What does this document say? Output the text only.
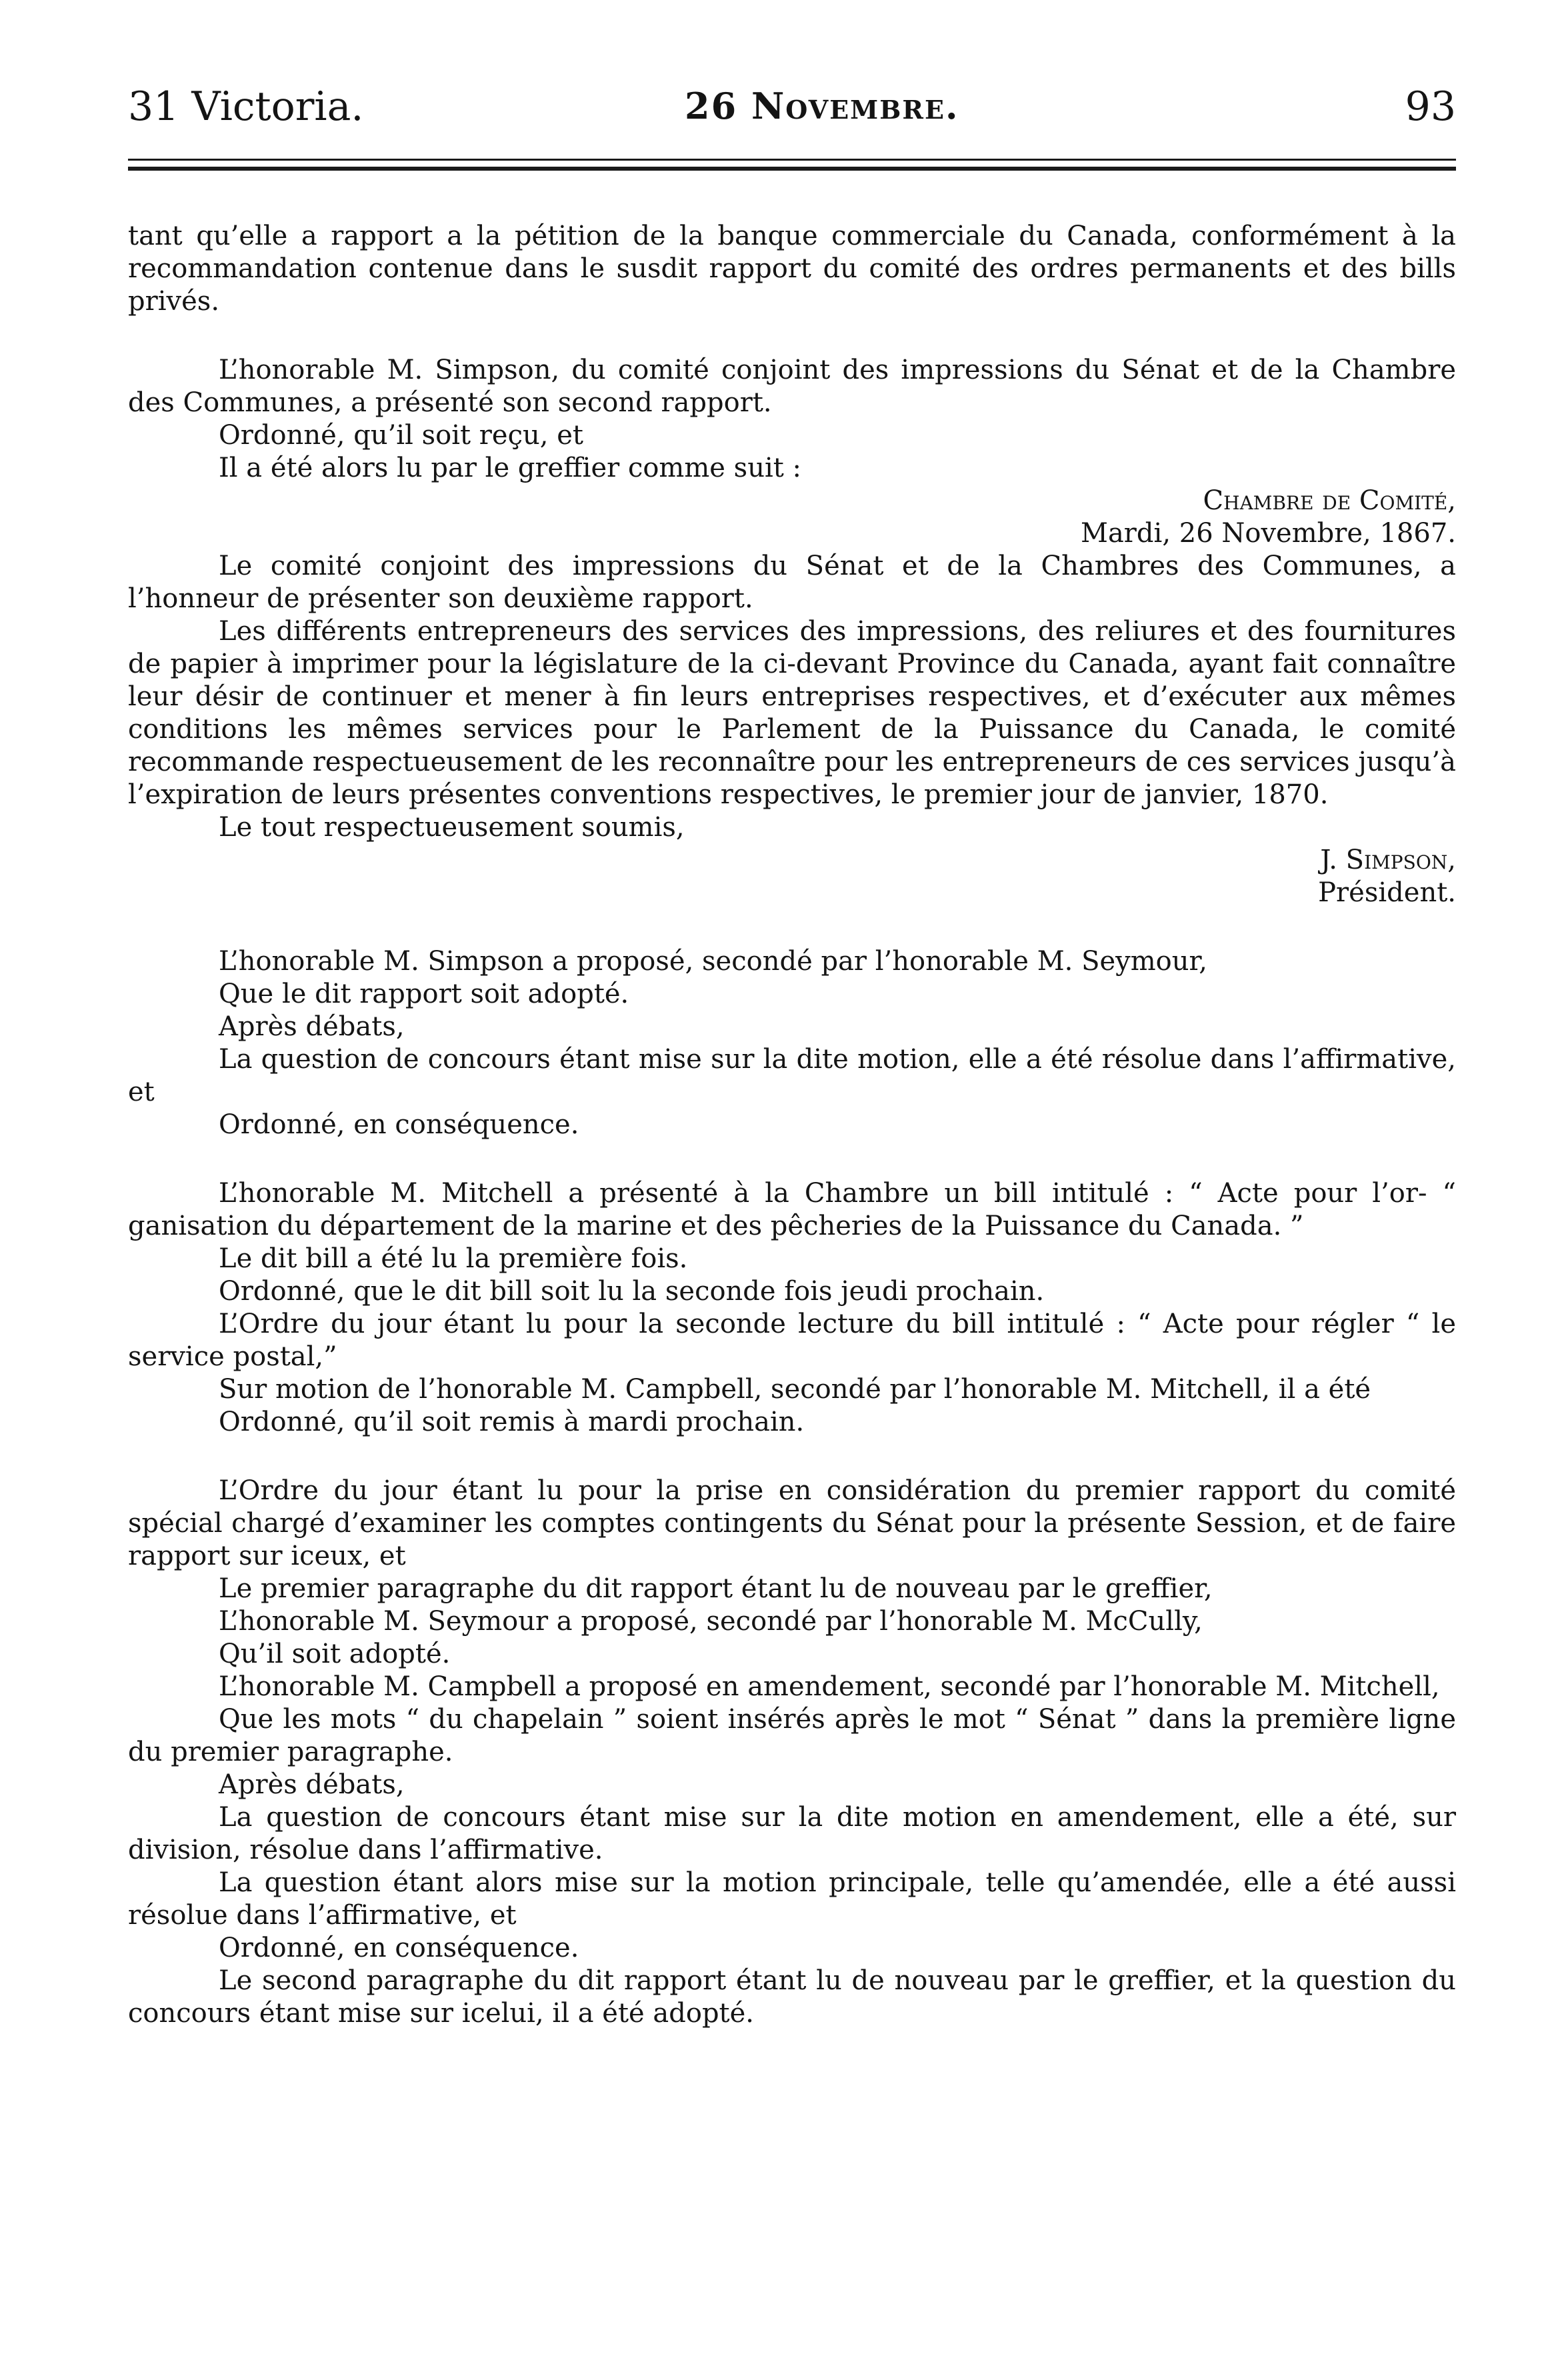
31 Victoria.	26 Novembre.	93

tant qu’elle a rapport a la pétition de la banque commerciale du Canada, conformément à la recommandation contenue dans le susdit rapport du comité des ordres permanents et des bills privés.

L’honorable M. Simpson, du comité conjoint des impressions du Sénat et de la Chambre des Communes, a présenté son second rapport.

Ordonné, qu’il soit reçu, et

Il a été alors lu par le greffier comme suit :

Chambre de Comité,

Mardi, 26 Novembre, 1867.

Le comité conjoint des impressions du Sénat et de la Chambres des Communes, a l’honneur de présenter son deuxième rapport.

Les différents entrepreneurs des services des impressions, des reliures et des fournitures de papier à imprimer pour la législature de la ci-devant Province du Canada, ayant fait connaître leur désir de continuer et mener à fin leurs entreprises respectives, et d’exécuter aux mêmes conditions les mêmes services pour le Parlement de la Puissance du Canada, le comité recommande respectueusement de les reconnaître pour les entrepreneurs de ces services jusqu’à l’expiration de leurs présentes conventions respectives, le premier jour de janvier, 1870.

Le tout respectueusement soumis,

J. Simpson,

Président.

L’honorable M. Simpson a proposé, secondé par l’honorable M. Seymour,

Que le dit rapport soit adopté.

Après débats,

La question de concours étant mise sur la dite motion, elle a été résolue dans l’affirmative, et

Ordonné, en conséquence.

L’honorable M. Mitchell a présenté à la Chambre un bill intitulé : “ Acte pour l’or- “ ganisation du département de la marine et des pêcheries de la Puissance du Canada. ”

Le dit bill a été lu la première fois.

Ordonné, que le dit bill soit lu la seconde fois jeudi prochain.

L’Ordre du jour étant lu pour la seconde lecture du bill intitulé : “ Acte pour régler “ le service postal,”

Sur motion de l’honorable M. Campbell, secondé par l’honorable M. Mitchell, il a été

Ordonné, qu’il soit remis à mardi prochain.

L’Ordre du jour étant lu pour la prise en considération du premier rapport du comité spécial chargé d’examiner les comptes contingents du Sénat pour la présente Session, et de faire rapport sur iceux, et

Le premier paragraphe du dit rapport étant lu de nouveau par le greffier,

L’honorable M. Seymour a proposé, secondé par l’honorable M. McCully,

Qu’il soit adopté.

L’honorable M. Campbell a proposé en amendement, secondé par l’honorable M. Mitchell,

Que les mots “ du chapelain ” soient insérés après le mot “ Sénat ” dans la première ligne du premier paragraphe.

Après débats,

La question de concours étant mise sur la dite motion en amendement, elle a été, sur division, résolue dans l’affirmative.

La question étant alors mise sur la motion principale, telle qu’amendée, elle a été aussi résolue dans l’affirmative, et

Ordonné, en conséquence.

Le second paragraphe du dit rapport étant lu de nouveau par le greffier, et la question du concours étant mise sur icelui, il a été adopté.
